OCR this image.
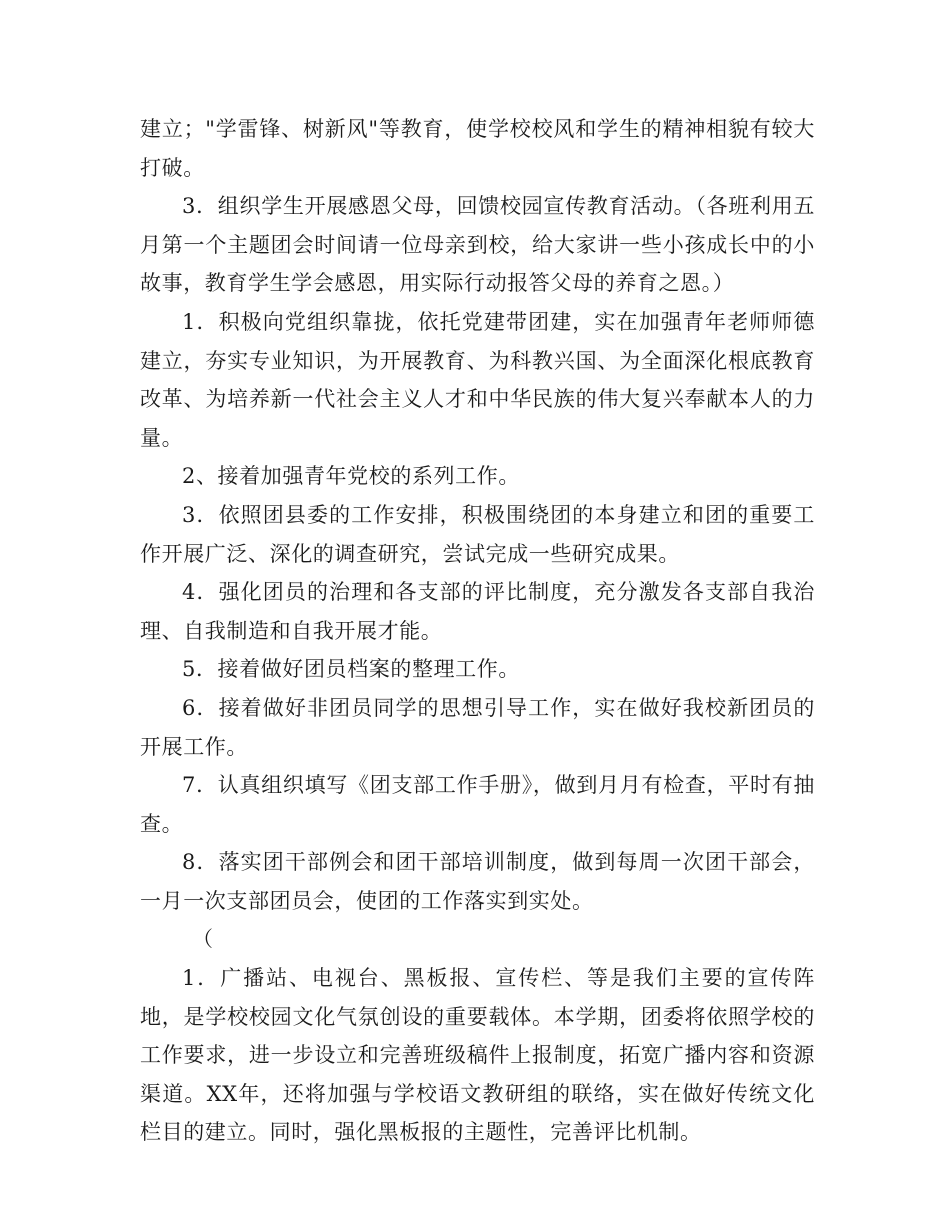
建立；"学雷锋、树新风"等教育，使学校校风和学生的精神相貌有较大打破。

3．组织学生开展感恩父母，回馈校园宣传教育活动。（各班利用五月第一个主题团会时间请一位母亲到校，给大家讲一些小孩成长中的小故事，教育学生学会感恩，用实际行动报答父母的养育之恩。）

1．积极向党组织靠拢，依托党建带团建，实在加强青年老师师德建立，夯实专业知识，为开展教育、为科教兴国、为全面深化根底教育改革、为培养新一代社会主义人才和中华民族的伟大复兴奉献本人的力量。

2、接着加强青年党校的系列工作。

3．依照团县委的工作安排，积极围绕团的本身建立和团的重要工作开展广泛、深化的调查研究，尝试完成一些研究成果。

4．强化团员的治理和各支部的评比制度，充分激发各支部自我治理、自我制造和自我开展才能。

5．接着做好团员档案的整理工作。

6．接着做好非团员同学的思想引导工作，实在做好我校新团员的开展工作。

7．认真组织填写《团支部工作手册》，做到月月有检查，平时有抽查。

8．落实团干部例会和团干部培训制度，做到每周一次团干部会，一月一次支部团员会，使团的工作落实到实处。

（

1．广播站、电视台、黑板报、宣传栏、等是我们主要的宣传阵地，是学校校园文化气氛创设的重要载体。本学期，团委将依照学校的工作要求，进一步设立和完善班级稿件上报制度，拓宽广播内容和资源渠道。XX年，还将加强与学校语文教研组的联络，实在做好传统文化栏目的建立。同时，强化黑板报的主题性，完善评比机制。
